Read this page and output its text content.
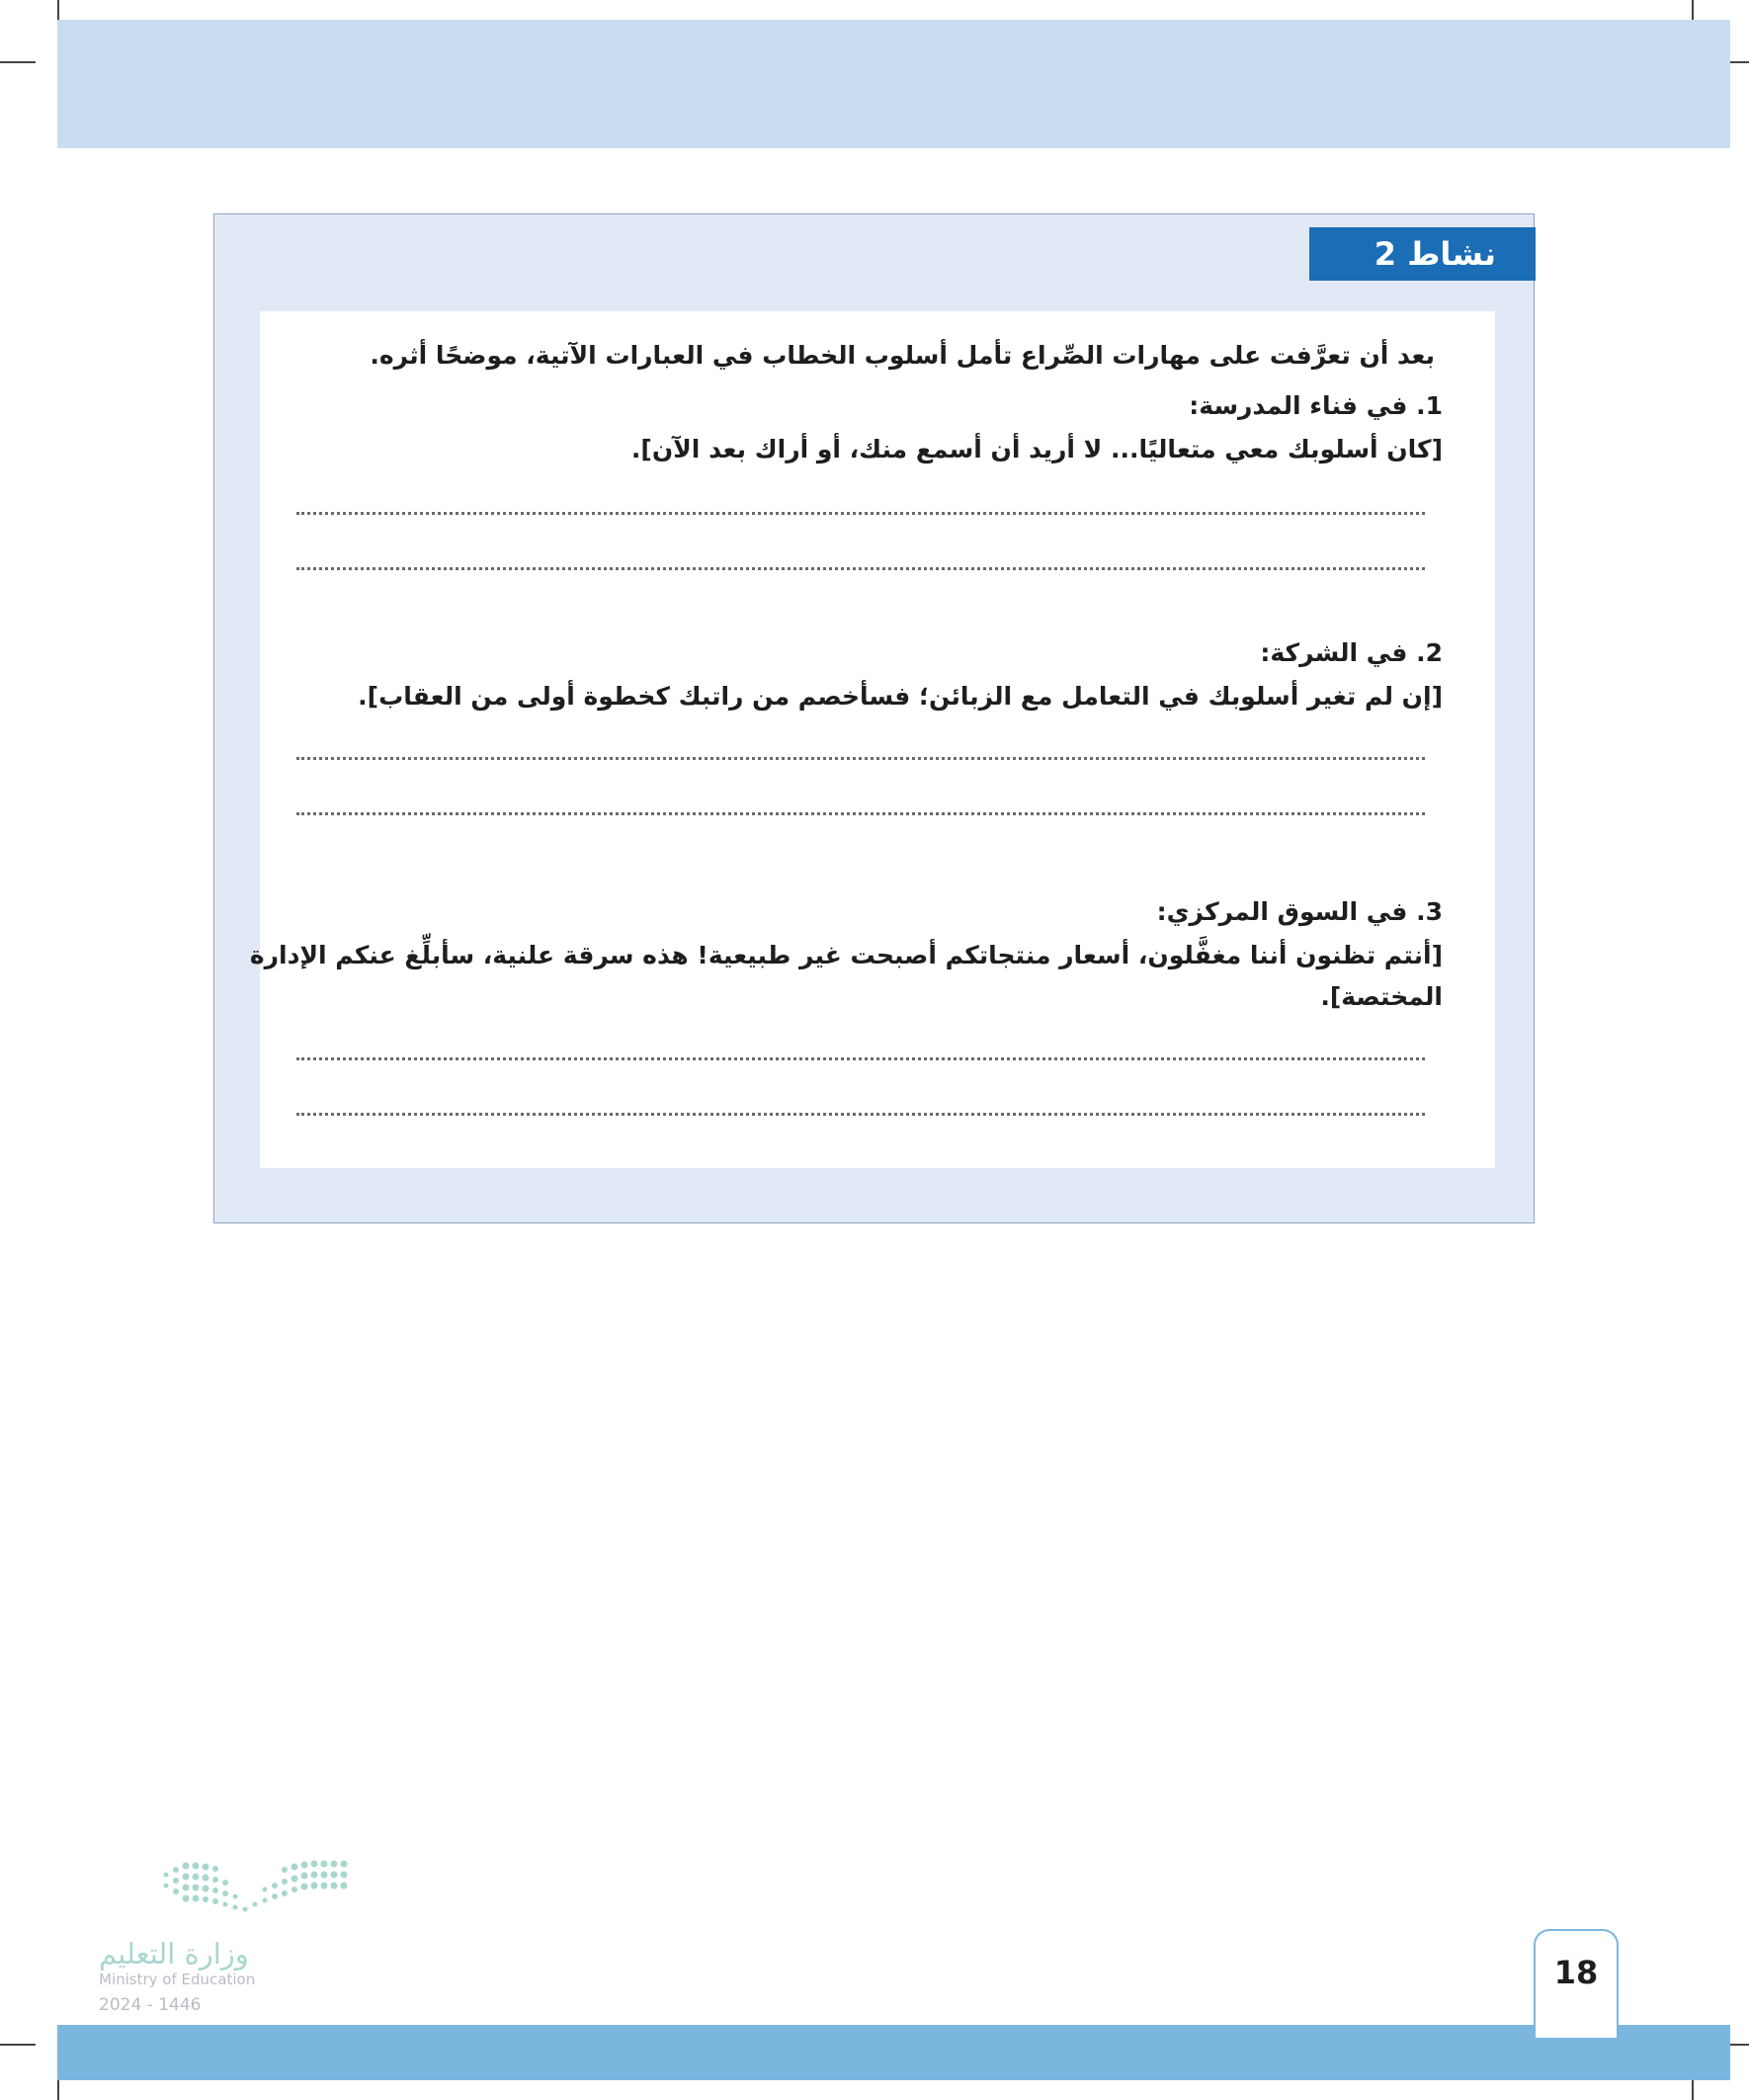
نشاط 2
بعد أن تعرَّفت على مهارات الصِّراع تأمل أسلوب الخطاب في العبارات الآتية، موضحًا أثره.
1. في فناء المدرسة:
[كان أسلوبك معي متعاليًا... لا أريد أن أسمع منك، أو أراك بعد الآن].
2. في الشركة:
[إن لم تغير أسلوبك في التعامل مع الزبائن؛ فسأخصم من راتبك كخطوة أولى من العقاب].
3. في السوق المركزي:
[أنتم تظنون أننا مغفَّلون، أسعار منتجاتكم أصبحت غير طبيعية! هذه سرقة علنية، سأبلِّغ عنكم الإدارة
المختصة].
وزارة التعليم
Ministry of Education
2024 - 1446
18
